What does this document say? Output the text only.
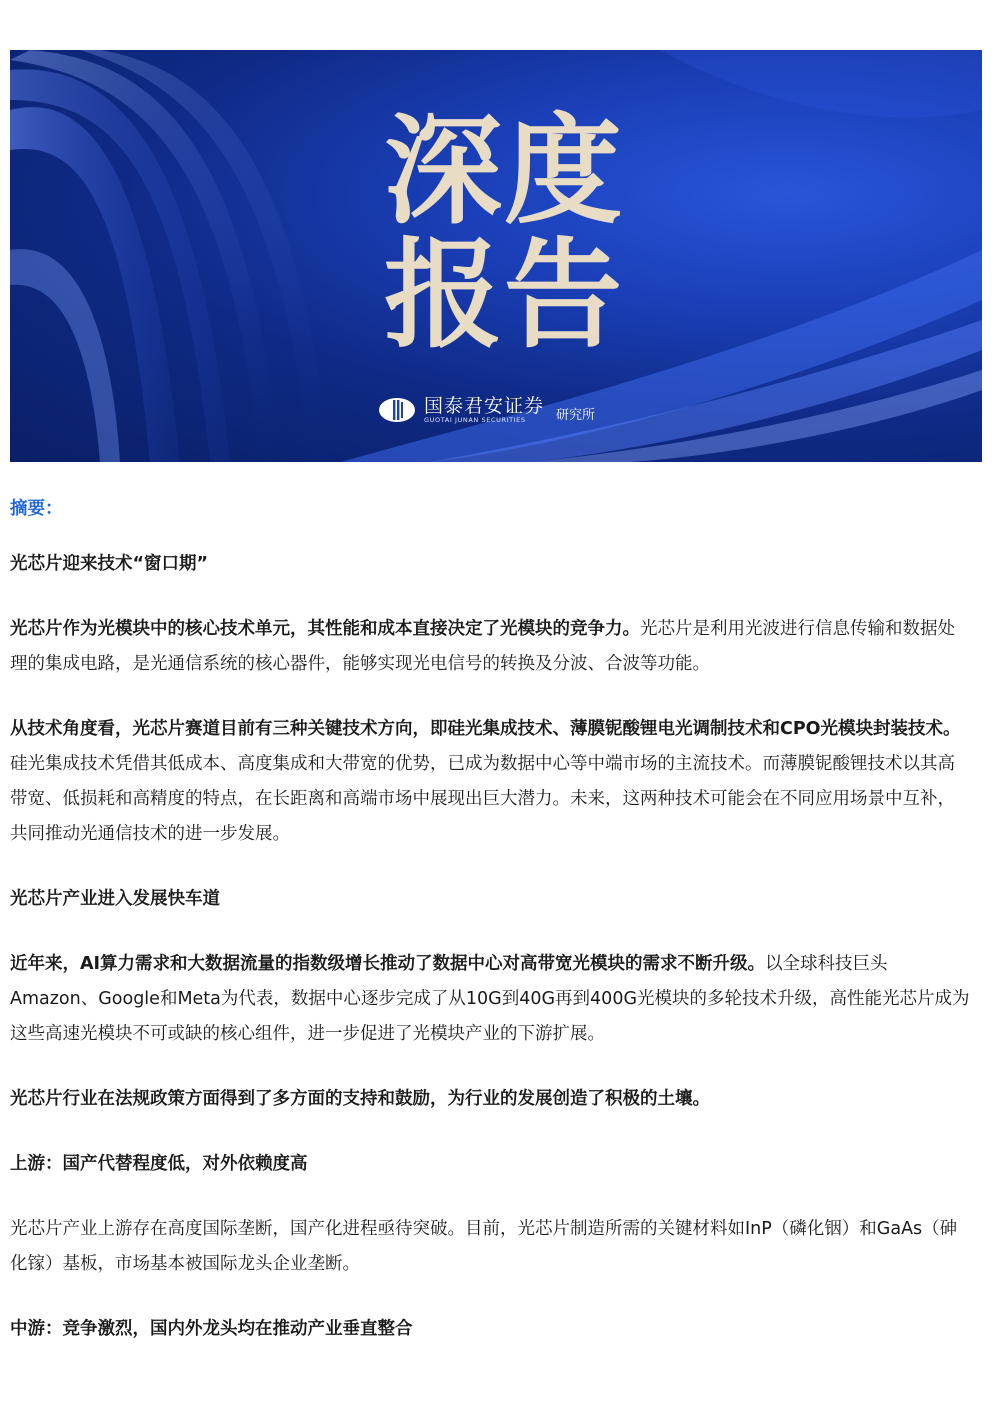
深 度
报 告
国泰君安证券
GUOTAI JUNAN SECURITIES	研究所

摘要：

光芯片迎来技术“窗口期”

光芯片作为光模块中的核心技术单元，其性能和成本直接决定了光模块的竞争力。光芯片是利用光波进行信息传输和数据处理的集成电路，是光通信系统的核心器件，能够实现光电信号的转换及分波、合波等功能。

从技术角度看，光芯片赛道目前有三种关键技术方向，即硅光集成技术、薄膜铌酸锂电光调制技术和CPO光模块封装技术。硅光集成技术凭借其低成本、高度集成和大带宽的优势，已成为数据中心等中端市场的主流技术。而薄膜铌酸锂技术以其高带宽、低损耗和高精度的特点，在长距离和高端市场中展现出巨大潜力。未来，这两种技术可能会在不同应用场景中互补，共同推动光通信技术的进一步发展。

光芯片产业进入发展快车道

近年来，AI算力需求和大数据流量的指数级增长推动了数据中心对高带宽光模块的需求不断升级。以全球科技巨头Amazon、Google和Meta为代表，数据中心逐步完成了从10G到40G再到400G光模块的多轮技术升级，高性能光芯片成为这些高速光模块不可或缺的核心组件，进一步促进了光模块产业的下游扩展。

光芯片行业在法规政策方面得到了多方面的支持和鼓励，为行业的发展创造了积极的土壤。

上游：国产代替程度低，对外依赖度高

光芯片产业上游存在高度国际垄断，国产化进程亟待突破。目前，光芯片制造所需的关键材料如InP（磷化铟）和GaAs（砷化镓）基板，市场基本被国际龙头企业垄断。

中游：竞争激烈，国内外龙头均在推动产业垂直整合
